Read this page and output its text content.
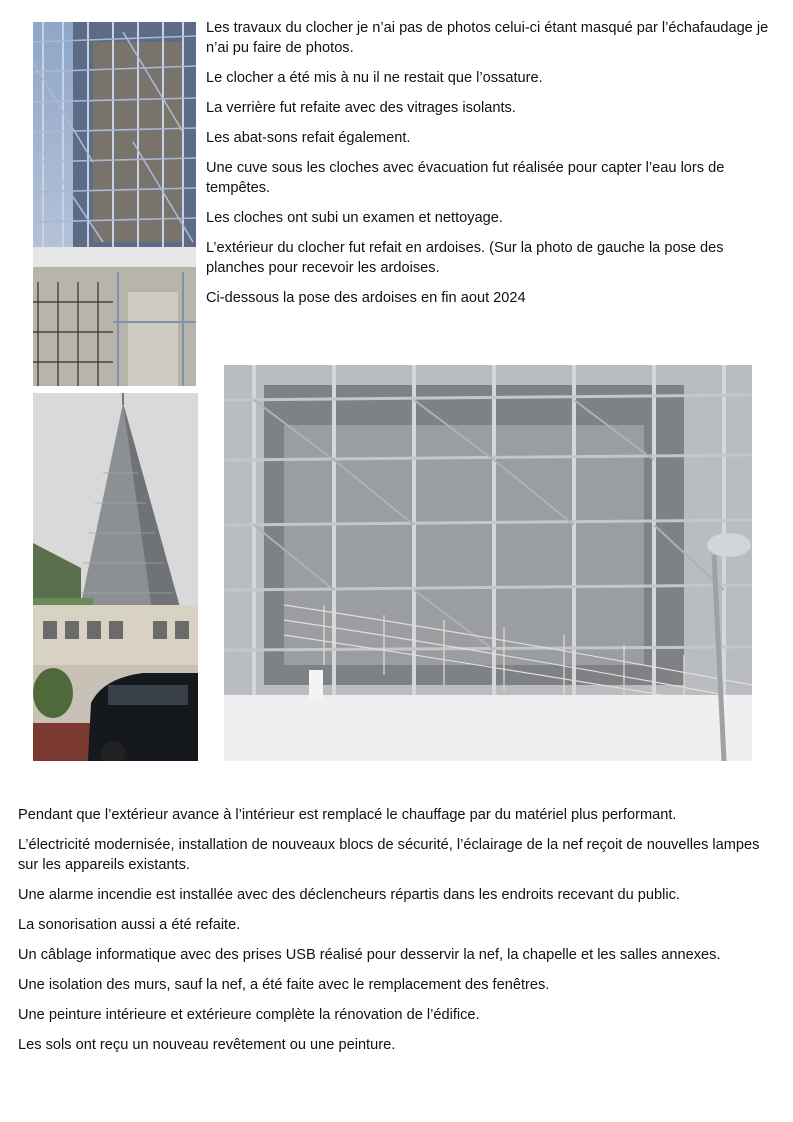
Les travaux du clocher je n’ai pas de photos celui-ci étant masqué par l’échafaudage je n’ai pu faire de photos.

Le clocher a été mis à nu il ne restait que l’ossature.

La verrière fut refaite avec des vitrages isolants.

Les abat-sons refait également.

Une cuve sous les cloches avec évacuation fut réalisée pour capter l’eau lors de tempêtes.

Les cloches ont subi un examen et nettoyage.

L’extérieur du clocher fut refait en ardoises. (Sur la photo de gauche la pose des planches pour recevoir les ardoises.

Ci-dessous la pose des ardoises en fin aout 2024

Pendant que l’extérieur avance à l’intérieur est remplacé le chauffage par du matériel plus performant.

L’électricité modernisée, installation de nouveaux blocs de sécurité, l’éclairage de la nef reçoit de nouvelles lampes sur les appareils existants.

Une alarme incendie est installée avec des déclencheurs répartis dans les endroits recevant du public.

La sonorisation aussi a été refaite.

Un câblage informatique avec des prises USB réalisé pour desservir la nef, la chapelle et les salles annexes.

Une isolation des murs, sauf la nef, a été faite avec le remplacement des fenêtres.

Une peinture intérieure et extérieure complète la rénovation de l’édifice.

Les sols ont reçu un nouveau revêtement ou une peinture.
